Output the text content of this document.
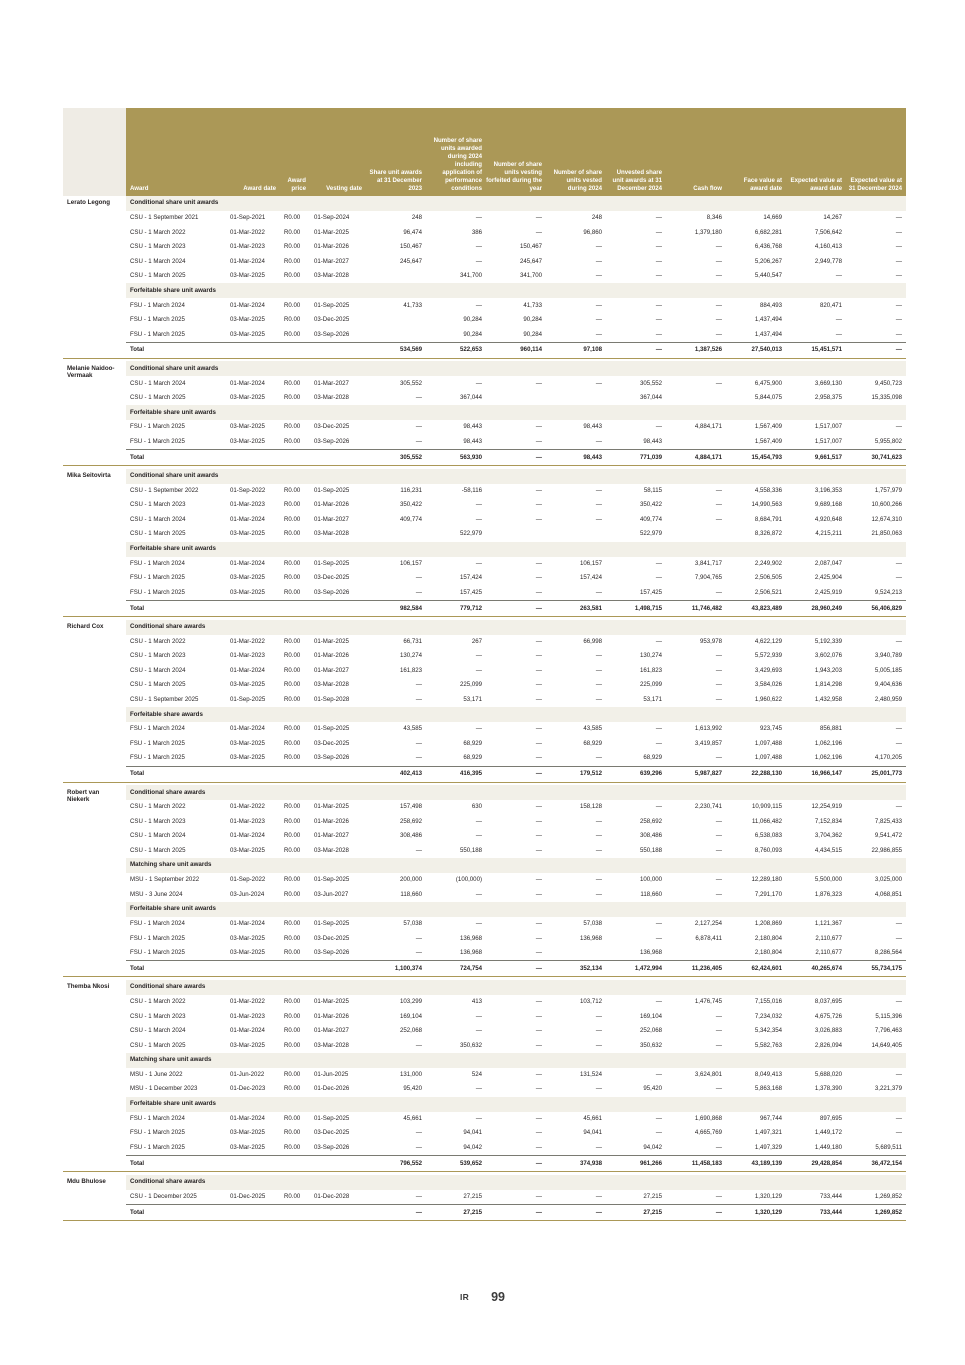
	Award	Award date	Award price	Vesting date	Share unit awards at 31 December 2023	Number of share units awarded during 2024 including application of performance conditions	Number of share units vesting forfeited during the year	Number of share units vested during 2024	Unvested share unit awards at 31 December 2024	Cash flow	Face value at award date	Expected value at award date	Expected value at 31 December 2024
Lerato Legong	Conditional share unit awards												
	CSU - 1 September 2021	01-Sep-2021	R0.00	01-Sep-2024	248	—	—	248	—	8,346	14,669	14,267	—
	CSU - 1 March 2022	01-Mar-2022	R0.00	01-Mar-2025	96,474	386	—	96,860	—	1,379,180	6,682,281	7,506,642	—
	CSU - 1 March 2023	01-Mar-2023	R0.00	01-Mar-2026	150,467	—	150,467	—	—	—	6,436,768	4,160,413	—
	CSU - 1 March 2024	01-Mar-2024	R0.00	01-Mar-2027	245,647	—	245,647	—	—	—	5,206,267	2,949,778	—
	CSU - 1 March 2025	03-Mar-2025	R0.00	03-Mar-2028		341,700	341,700	—	—	—	5,440,547	—	—
	Forfeitable share unit awards												
	FSU - 1 March 2024	01-Mar-2024	R0.00	01-Sep-2025	41,733	—	41,733	—	—	—	884,493	820,471	—
	FSU - 1 March 2025	03-Mar-2025	R0.00	03-Dec-2025		90,284	90,284	—	—	—	1,437,494	—	—
	FSU - 1 March 2025	03-Mar-2025	R0.00	03-Sep-2026		90,284	90,284	—	—	—	1,437,494	—	—
	Total				534,569	522,653	960,114	97,108	—	1,387,526	27,540,013	15,451,571	—

Melanie Naidoo-Vermaak	Conditional share unit awards												
	CSU - 1 March 2024	01-Mar-2024	R0.00	01-Mar-2027	305,552	—	—	—	305,552	—	6,475,900	3,669,130	9,450,723
	CSU - 1 March 2025	03-Mar-2025	R0.00	03-Mar-2028	—	367,044			367,044		5,844,075	2,958,375	15,335,098
	Forfeitable share unit awards												
	FSU - 1 March 2025	03-Mar-2025	R0.00	03-Dec-2025	—	98,443	—	98,443	—	4,884,171	1,567,409	1,517,007	—
	FSU - 1 March 2025	03-Mar-2025	R0.00	03-Sep-2026	—	98,443	—	—	98,443		1,567,409	1,517,007	5,955,802
	Total				305,552	563,930	—	98,443	771,039	4,884,171	15,454,793	9,661,517	30,741,623

Mika Seitovirta	Conditional share unit awards												
	CSU - 1 September 2022	01-Sep-2022	R0.00	01-Sep-2025	116,231	-58,116	—	—	58,115	—	4,558,336	3,196,353	1,757,979
	CSU - 1 March 2023	01-Mar-2023	R0.00	01-Mar-2026	350,422	—	—	—	350,422	—	14,990,563	9,689,168	10,600,266
	CSU - 1 March 2024	01-Mar-2024	R0.00	01-Mar-2027	409,774	—	—	—	409,774	—	8,684,791	4,920,648	12,674,310
	CSU - 1 March 2025	03-Mar-2025	R0.00	03-Mar-2028		522,979			522,979		8,326,872	4,215,211	21,850,063
	Forfeitable share unit awards												
	FSU - 1 March 2024	01-Mar-2024	R0.00	01-Sep-2025	106,157	—	—	106,157	—	3,841,717	2,249,902	2,087,047	—
	FSU - 1 March 2025	03-Mar-2025	R0.00	03-Dec-2025	—	157,424	—	157,424	—	7,904,765	2,506,505	2,425,904	—
	FSU - 1 March 2025	03-Mar-2025	R0.00	03-Sep-2026	—	157,425	—	—	157,425	—	2,506,521	2,425,919	9,524,213
	Total				982,584	779,712	—	263,581	1,498,715	11,746,482	43,823,489	28,960,249	56,406,829

Richard Cox	Conditional share awards												
	CSU - 1 March 2022	01-Mar-2022	R0.00	01-Mar-2025	66,731	267	—	66,998	—	953,978	4,622,129	5,192,339	—
	CSU - 1 March 2023	01-Mar-2023	R0.00	01-Mar-2026	130,274	—	—	—	130,274	—	5,572,939	3,602,076	3,940,789
	CSU - 1 March 2024	01-Mar-2024	R0.00	01-Mar-2027	161,823	—	—	—	161,823	—	3,429,693	1,943,203	5,005,185
	CSU - 1 March 2025	03-Mar-2025	R0.00	03-Mar-2028	—	225,099	—	—	225,099	—	3,584,026	1,814,298	9,404,636
	CSU - 1 September 2025	01-Sep-2025	R0.00	01-Sep-2028	—	53,171	—	—	53,171	—	1,960,622	1,432,958	2,480,959
	Forfeitable share awards												
	FSU - 1 March 2024	01-Mar-2024	R0.00	01-Sep-2025	43,585	—	—	43,585	—	1,613,992	923,745	856,881	—
	FSU - 1 March 2025	03-Mar-2025	R0.00	03-Dec-2025	—	68,929	—	68,929	—	3,419,857	1,097,488	1,062,196	—
	FSU - 1 March 2025	03-Mar-2025	R0.00	03-Sep-2026	—	68,929	—	—	68,929	—	1,097,488	1,062,196	4,170,205
	Total				402,413	416,395	—	179,512	639,296	5,987,827	22,288,130	16,966,147	25,001,773

Robert van Niekerk	Conditional share awards												
	CSU - 1 March 2022	01-Mar-2022	R0.00	01-Mar-2025	157,498	630	—	158,128	—	2,230,741	10,909,115	12,254,919	—
	CSU - 1 March 2023	01-Mar-2023	R0.00	01-Mar-2026	258,692	—	—	—	258,692	—	11,066,482	7,152,834	7,825,433
	CSU - 1 March 2024	01-Mar-2024	R0.00	01-Mar-2027	308,486	—	—	—	308,486	—	6,538,083	3,704,362	9,541,472
	CSU - 1 March 2025	03-Mar-2025	R0.00	03-Mar-2028	—	550,188	—	—	550,188	—	8,760,093	4,434,515	22,986,855
	Matching share unit awards												
	MSU - 1 September 2022	01-Sep-2022	R0.00	01-Sep-2025	200,000	(100,000)	—	—	100,000	—	12,289,180	5,500,000	3,025,000
	MSU - 3 June 2024	03-Jun-2024	R0.00	03-Jun-2027	118,660	—	—	—	118,660	—	7,291,170	1,876,323	4,068,851
	Forfeitable share unit awards												
	FSU - 1 March 2024	01-Mar-2024	R0.00	01-Sep-2025	57,038	—	—	57,038	—	2,127,254	1,208,869	1,121,367	—
	FSU - 1 March 2025	03-Mar-2025	R0.00	03-Dec-2025	—	136,968	—	136,968	—	6,878,411	2,180,804	2,110,677	—
	FSU - 1 March 2025	03-Mar-2025	R0.00	03-Sep-2026	—	136,968	—		136,968		2,180,804	2,110,677	8,286,564
	Total				1,100,374	724,754	—	352,134	1,472,994	11,236,405	62,424,601	40,265,674	55,734,175

Themba Nkosi	Conditional share awards												
	CSU - 1 March 2022	01-Mar-2022	R0.00	01-Mar-2025	103,299	413	—	103,712	—	1,476,745	7,155,016	8,037,695	—
	CSU - 1 March 2023	01-Mar-2023	R0.00	01-Mar-2026	169,104	—	—	—	169,104	—	7,234,032	4,675,726	5,115,396
	CSU - 1 March 2024	01-Mar-2024	R0.00	01-Mar-2027	252,068	—	—	—	252,068	—	5,342,354	3,026,883	7,796,463
	CSU - 1 March 2025	03-Mar-2025	R0.00	03-Mar-2028	—	350,632	—	—	350,632	—	5,582,763	2,826,094	14,649,405
	Matching share unit awards												
	MSU - 1 June 2022	01-Jun-2022	R0.00	01-Jun-2025	131,000	524	—	131,524	—	3,624,801	8,049,413	5,688,020	—
	MSU - 1 December 2023	01-Dec-2023	R0.00	01-Dec-2026	95,420	—	—	—	95,420	—	5,863,168	1,378,390	3,221,379
	Forfeitable share unit awards												
	FSU - 1 March 2024	01-Mar-2024	R0.00	01-Sep-2025	45,661	—	—	45,661	—	1,690,868	967,744	897,695	—
	FSU - 1 March 2025	03-Mar-2025	R0.00	03-Dec-2025	—	94,041	—	94,041	—	4,665,769	1,497,321	1,449,172	—
	FSU - 1 March 2025	03-Mar-2025	R0.00	03-Sep-2026	—	94,042	—	—	94,042	—	1,497,329	1,449,180	5,689,511
	Total				796,552	539,652	—	374,938	961,266	11,458,183	43,189,139	29,428,854	36,472,154

Mdu Bhulose	Conditional share awards												
	CSU - 1 December 2025	01-Dec-2025	R0.00	01-Dec-2028	—	27,215	—	—	27,215	—	1,320,129	733,444	1,269,852
	Total				—	27,215	—	—	27,215	—	1,320,129	733,444	1,269,852

IR 99
